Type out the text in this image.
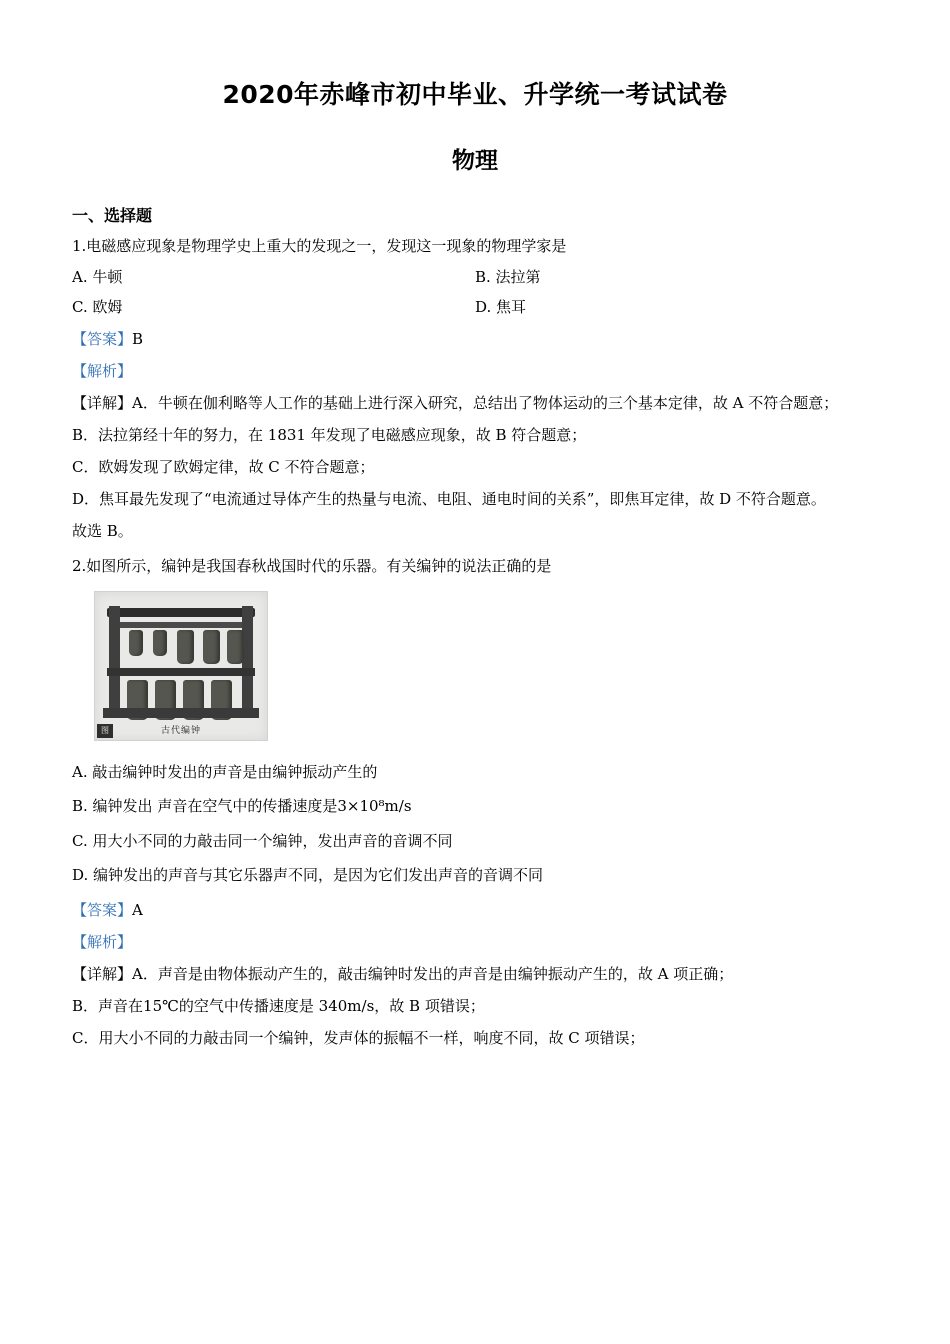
2020年赤峰市初中毕业、升学统一考试试卷
物理
一、选择题

1.电磁感应现象是物理学史上重大的发现之一，发现这一现象的物理学家是

A. 牛顿	B. 法拉第
C. 欧姆	D. 焦耳

【答案】B

【解析】

【详解】A．牛顿在伽利略等人工作的基础上进行深入研究，总结出了物体运动的三个基本定律，故 A 不符合题意；

B．法拉第经十年的努力，在 1831 年发现了电磁感应现象，故 B 符合题意；

C．欧姆发现了欧姆定律，故 C 不符合题意；

D．焦耳最先发现了“电流通过导体产生的热量与电流、电阻、通电时间的关系”，即焦耳定律，故 D 不符合题意。

故选 B。

2.如图所示，编钟是我国春秋战国时代的乐器。有关编钟的说法正确的是

古代编钟
图

A. 敲击编钟时发出的声音是由编钟振动产生的

B. 编钟发出 声音在空气中的传播速度是3×10⁸m/s

C. 用大小不同的力敲击同一个编钟，发出声音的音调不同

D. 编钟发出的声音与其它乐器声不同，是因为它们发出声音的音调不同

【答案】A

【解析】

【详解】A．声音是由物体振动产生的，敲击编钟时发出的声音是由编钟振动产生的，故 A 项正确；

B．声音在15℃的空气中传播速度是 340m/s，故 B 项错误；

C．用大小不同的力敲击同一个编钟，发声体的振幅不一样，响度不同，故 C 项错误；
